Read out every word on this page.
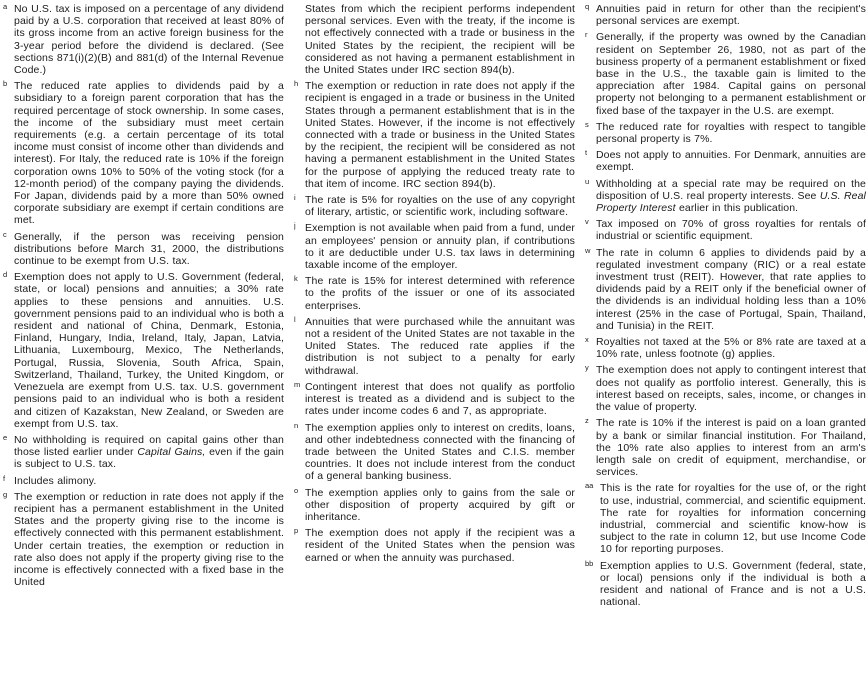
a No U.S. tax is imposed on a percentage of any dividend paid by a U.S. corporation that received at least 80% of its gross income from an active foreign business for the 3-year period before the dividend is declared. (See sections 871(i)(2)(B) and 881(d) of the Internal Revenue Code.)
b The reduced rate applies to dividends paid by a subsidiary to a foreign parent corporation that has the required percentage of stock ownership. In some cases, the income of the subsidiary must meet certain requirements (e.g. a certain percentage of its total income must consist of income other than dividends and interest). For Italy, the reduced rate is 10% if the foreign corporation owns 10% to 50% of the voting stock (for a 12-month period) of the company paying the dividends. For Japan, dividends paid by a more than 50% owned corporate subsidiary are exempt if certain conditions are met.
c Generally, if the person was receiving pension distributions before March 31, 2000, the distributions continue to be exempt from U.S. tax.
d Exemption does not apply to U.S. Government (federal, state, or local) pensions and annuities; a 30% rate applies to these pensions and annuities. U.S. government pensions paid to an individual who is both a resident and national of China, Denmark, Estonia, Finland, Hungary, India, Ireland, Italy, Japan, Latvia, Lithuania, Luxembourg, Mexico, The Netherlands, Portugal, Russia, Slovenia, South Africa, Spain, Switzerland, Thailand, Turkey, the United Kingdom, or Venezuela are exempt from U.S. tax. U.S. government pensions paid to an individual who is both a resident and citizen of Kazakstan, New Zealand, or Sweden are exempt from U.S. tax.
e No withholding is required on capital gains other than those listed earlier under Capital Gains, even if the gain is subject to U.S. tax.
f Includes alimony.
g The exemption or reduction in rate does not apply if the recipient has a permanent establishment in the United States and the property giving rise to the income is effectively connected with this permanent establishment. Under certain treaties, the exemption or reduction in rate also does not apply if the property giving rise to the income is effectively connected with a fixed base in the United
States from which the recipient performs independent personal services. Even with the treaty, if the income is not effectively connected with a trade or business in the United States by the recipient, the recipient will be considered as not having a permanent establishment in the United States under IRC section 894(b).
h The exemption or reduction in rate does not apply if the recipient is engaged in a trade or business in the United States through a permanent establishment that is in the United States. However, if the income is not effectively connected with a trade or business in the United States by the recipient, the recipient will be considered as not having a permanent establishment in the United States for the purpose of applying the reduced treaty rate to that item of income. IRC section 894(b).
i The rate is 5% for royalties on the use of any copyright of literary, artistic, or scientific work, including software.
j Exemption is not available when paid from a fund, under an employees' pension or annuity plan, if contributions to it are deductible under U.S. tax laws in determining taxable income of the employer.
k The rate is 15% for interest determined with reference to the profits of the issuer or one of its associated enterprises.
l Annuities that were purchased while the annuitant was not a resident of the United States are not taxable in the United States. The reduced rate applies if the distribution is not subject to a penalty for early withdrawal.
m Contingent interest that does not qualify as portfolio interest is treated as a dividend and is subject to the rates under income codes 6 and 7, as appropriate.
n The exemption applies only to interest on credits, loans, and other indebtedness connected with the financing of trade between the United States and C.I.S. member countries. It does not include interest from the conduct of a general banking business.
o The exemption applies only to gains from the sale or other disposition of property acquired by gift or inheritance.
p The exemption does not apply if the recipient was a resident of the United States when the pension was earned or when the annuity was purchased.
q Annuities paid in return for other than the recipient's personal services are exempt.
r Generally, if the property was owned by the Canadian resident on September 26, 1980, not as part of the business property of a permanent establishment or fixed base in the U.S., the taxable gain is limited to the appreciation after 1984. Capital gains on personal property not belonging to a permanent establishment or fixed base of the taxpayer in the U.S. are exempt.
s The reduced rate for royalties with respect to tangible personal property is 7%.
t Does not apply to annuities. For Denmark, annuities are exempt.
u Withholding at a special rate may be required on the disposition of U.S. real property interests. See U.S. Real Property Interest earlier in this publication.
v Tax imposed on 70% of gross royalties for rentals of industrial or scientific equipment.
w The rate in column 6 applies to dividends paid by a regulated investment company (RIC) or a real estate investment trust (REIT). However, that rate applies to dividends paid by a REIT only if the beneficial owner of the dividends is an individual holding less than a 10% interest (25% in the case of Portugal, Spain, Thailand, and Tunisia) in the REIT.
x Royalties not taxed at the 5% or 8% rate are taxed at a 10% rate, unless footnote (g) applies.
y The exemption does not apply to contingent interest that does not qualify as portfolio interest. Generally, this is interest based on receipts, sales, income, or changes in the value of property.
z The rate is 10% if the interest is paid on a loan granted by a bank or similar financial institution. For Thailand, the 10% rate also applies to interest from an arm's length sale on credit of equipment, merchandise, or services.
aa This is the rate for royalties for the use of, or the right to use, industrial, commercial, and scientific equipment. The rate for royalties for information concerning industrial, commercial and scientific know-how is subject to the rate in column 12, but use Income Code 10 for reporting purposes.
bb Exemption applies to U.S. Government (federal, state, or local) pensions only if the individual is both a resident and national of France and is not a U.S. national.
